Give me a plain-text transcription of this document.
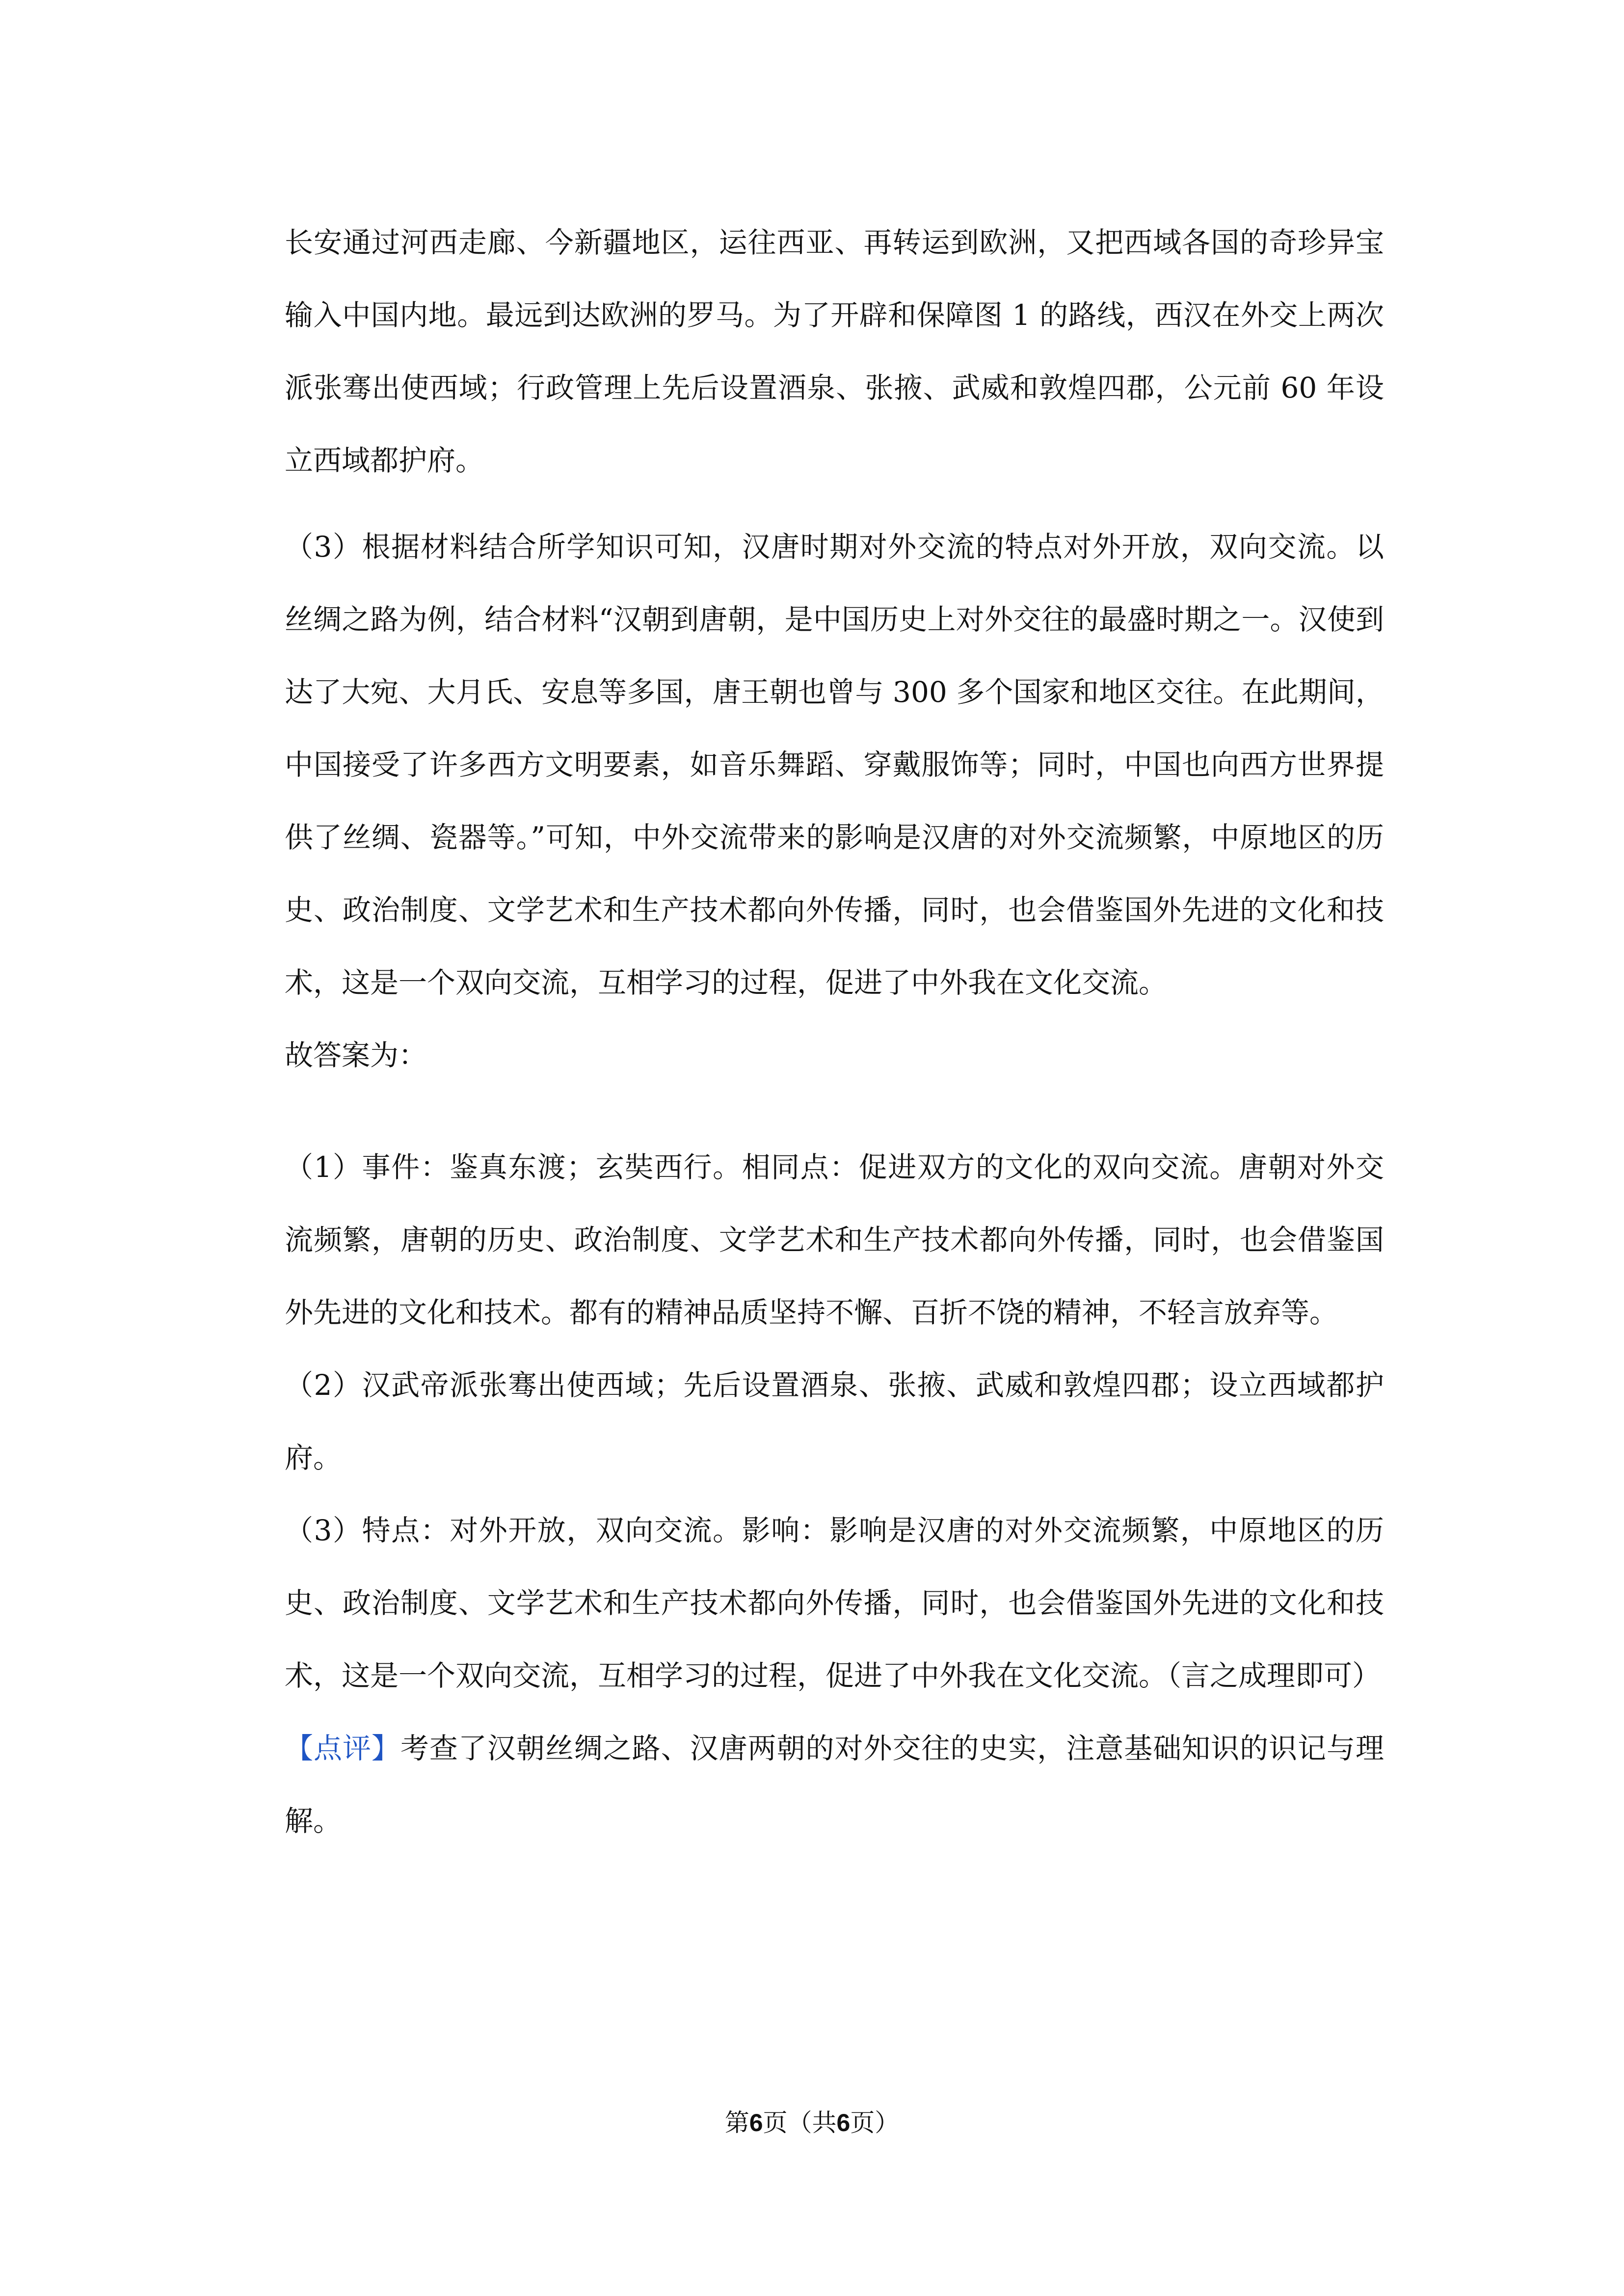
长安通过河西走廊、今新疆地区，运往西亚、再转运到欧洲，又把西域各国的奇珍异宝输入中国内地。最远到达欧洲的罗马。为了开辟和保障图 1 的路线，西汉在外交上两次派张骞出使西域；行政管理上先后设置酒泉、张掖、武威和敦煌四郡，公元前 60 年设立西域都护府。

（3）根据材料结合所学知识可知，汉唐时期对外交流的特点对外开放，双向交流。以丝绸之路为例，结合材料“汉朝到唐朝，是中国历史上对外交往的最盛时期之一。汉使到达了大宛、大月氏、安息等多国，唐王朝也曾与 300 多个国家和地区交往。在此期间，中国接受了许多西方文明要素，如音乐舞蹈、穿戴服饰等；同时，中国也向西方世界提供了丝绸、瓷器等。”可知，中外交流带来的影响是汉唐的对外交流频繁，中原地区的历史、政治制度、文学艺术和生产技术都向外传播，同时，也会借鉴国外先进的文化和技术，这是一个双向交流，互相学习的过程，促进了中外我在文化交流。

故答案为：

（1）事件：鉴真东渡；玄奘西行。相同点：促进双方的文化的双向交流。唐朝对外交流频繁，唐朝的历史、政治制度、文学艺术和生产技术都向外传播，同时，也会借鉴国外先进的文化和技术。都有的精神品质坚持不懈、百折不饶的精神，不轻言放弃等。

（2）汉武帝派张骞出使西域；先后设置酒泉、张掖、武威和敦煌四郡；设立西域都护府。

（3）特点：对外开放，双向交流。影响：影响是汉唐的对外交流频繁，中原地区的历史、政治制度、文学艺术和生产技术都向外传播，同时，也会借鉴国外先进的文化和技术，这是一个双向交流，互相学习的过程，促进了中外我在文化交流。（言之成理即可）

【点评】考查了汉朝丝绸之路、汉唐两朝的对外交往的史实，注意基础知识的识记与理解。

第6页（共6页）
